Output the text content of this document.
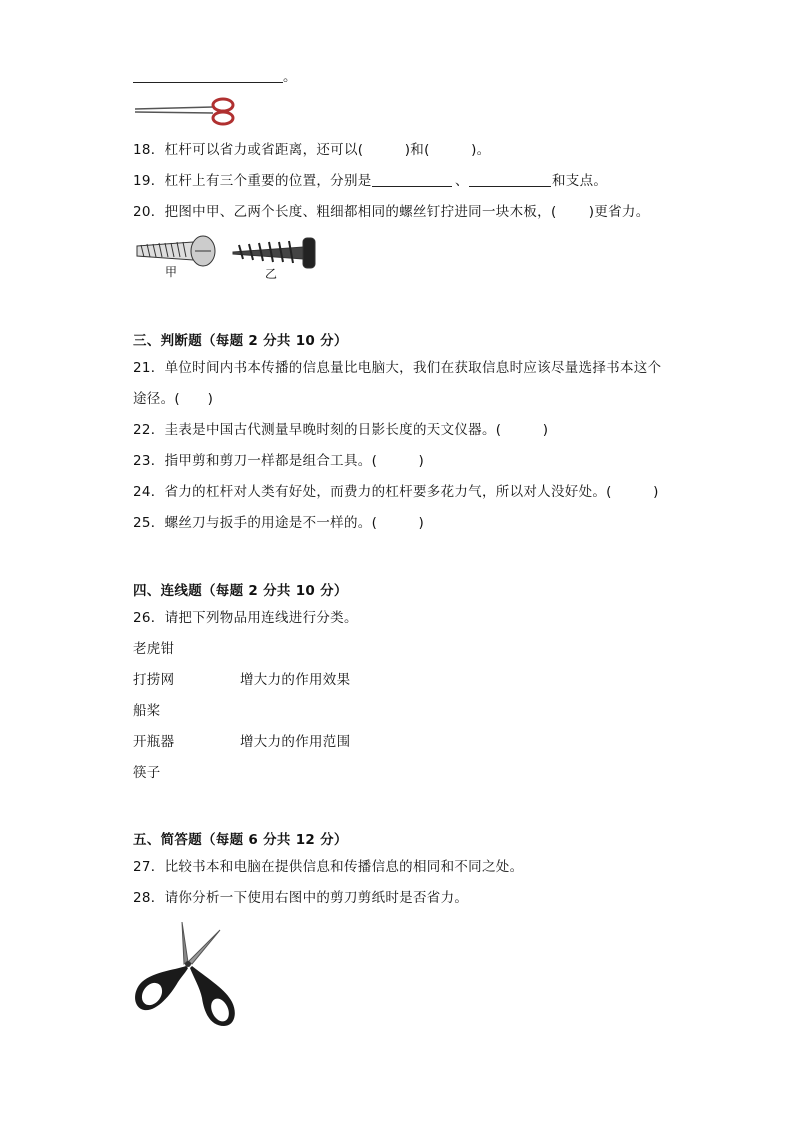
。
18．杠杆可以省力或省距离，还可以(　　　)和(　　　)。
19．杠杆上有三个重要的位置，分别是	、	和支点。
20．把图中甲、乙两个长度、粗细都相同的螺丝钉拧进同一块木板，(　　 )更省力。
甲	乙
三、判断题（每题 2 分共 10 分）
21．单位时间内书本传播的信息量比电脑大，我们在获取信息时应该尽量选择书本这个
途径。(　　)
22．圭表是中国古代测量早晚时刻的日影长度的天文仪器。(　　　)
23．指甲剪和剪刀一样都是组合工具。(　　　)
24．省力的杠杆对人类有好处，而费力的杠杆要多花力气，所以对人没好处。(　　　)
25．螺丝刀与扳手的用途是不一样的。(　　　)
四、连线题（每题 2 分共 10 分）
26．请把下列物品用连线进行分类。
老虎钳
打捞网	增大力的作用效果
船桨
开瓶器	增大力的作用范围
筷子
五、简答题（每题 6 分共 12 分）
27．比较书本和电脑在提供信息和传播信息的相同和不同之处。
28．请你分析一下使用右图中的剪刀剪纸时是否省力。
